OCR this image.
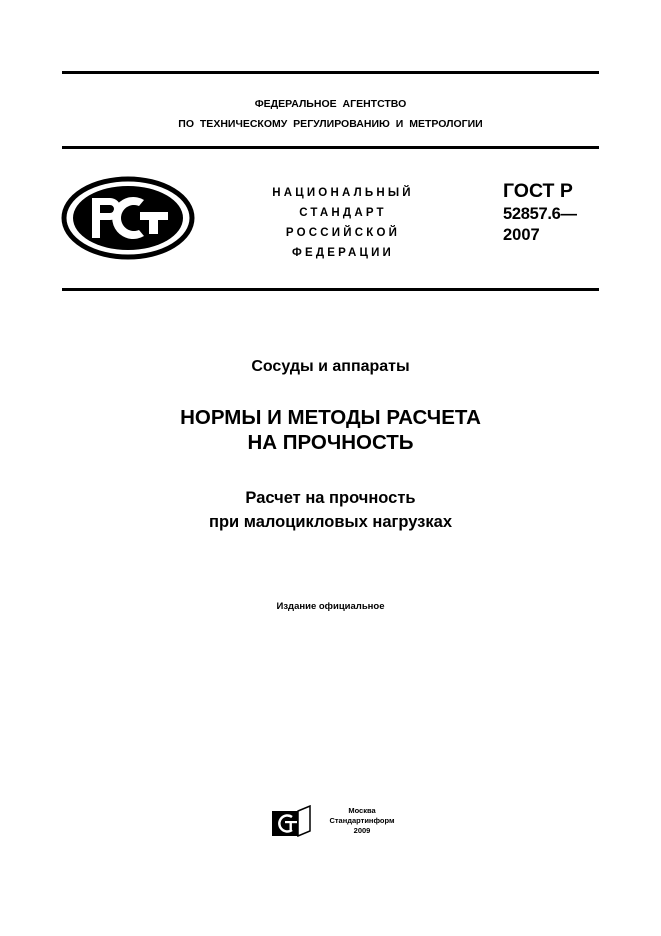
ФЕДЕРАЛЬНОЕ АГЕНТСТВО
ПО ТЕХНИЧЕСКОМУ РЕГУЛИРОВАНИЮ И МЕТРОЛОГИИ
НАЦИОНАЛЬНЫЙ
СТАНДАРТ
РОССИЙСКОЙ
ФЕДЕРАЦИИ
ГОСТ Р
52857.6—
2007
Сосуды и аппараты
НОРМЫ И МЕТОДЫ РАСЧЕТА
НА ПРОЧНОСТЬ
Расчет на прочность
при малоцикловых нагрузках
Издание официальное
Москва
Стандартинформ
2009
